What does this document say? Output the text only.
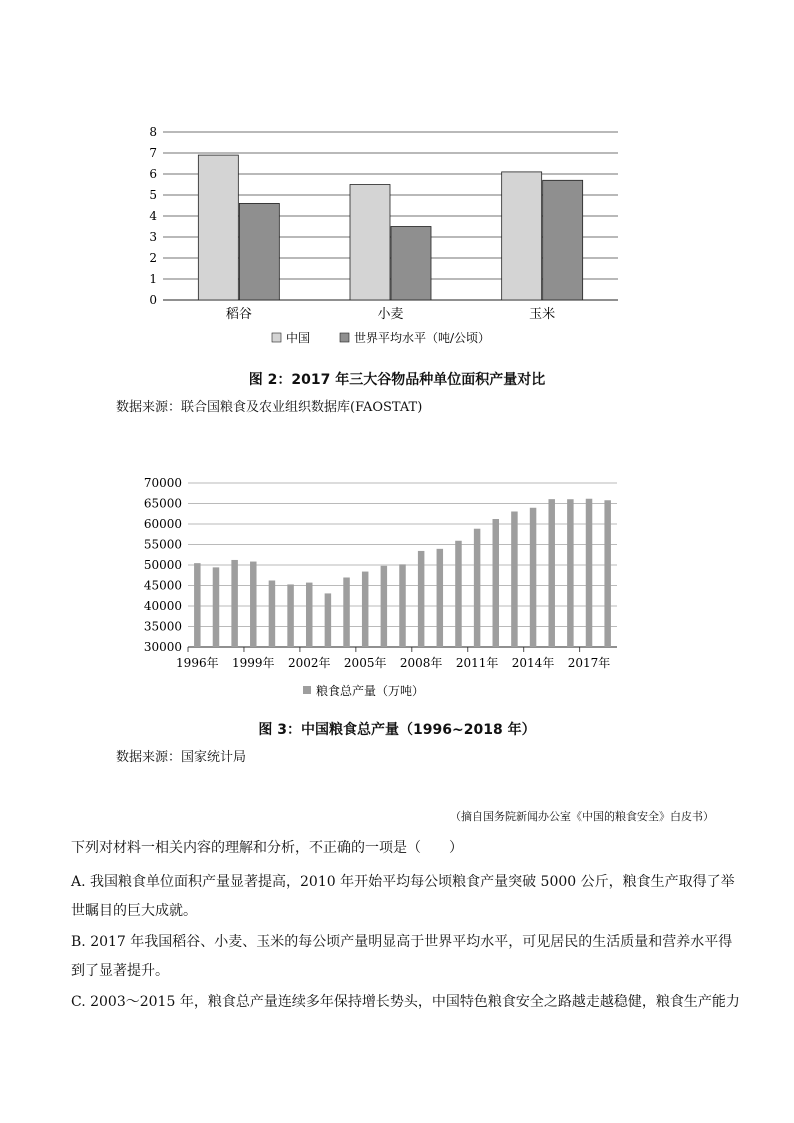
0
1
2
3
4
5
6
7
8
稻谷	小麦	玉米
中国	世界平均水平（吨/公顷）

图 2：2017 年三大谷物品种单位面积产量对比

数据来源：联合国粮食及农业组织数据库(FAOSTAT)

70000
65000
60000
55000
50000
45000
40000
35000
30000
1996年 1999年 2002年 2005年 2008年 2011年 2014年 2017年
粮食总产量（万吨）

图 3：中国粮食总产量（1996~2018 年）

数据来源：国家统计局

（摘自国务院新闻办公室《中国的粮食安全》白皮书）

下列对材料一相关内容的理解和分析，不正确的一项是（　　）
A. 我国粮食单位面积产量显著提高，2010 年开始平均每公顷粮食产量突破 5000 公斤，粮食生产取得了举
世瞩目的巨大成就。
B. 2017 年我国稻谷、小麦、玉米的每公顷产量明显高于世界平均水平，可见居民的生活质量和营养水平得
到了显著提升。
C. 2003～2015 年，粮食总产量连续多年保持增长势头，中国特色粮食安全之路越走越稳健，粮食生产能力
